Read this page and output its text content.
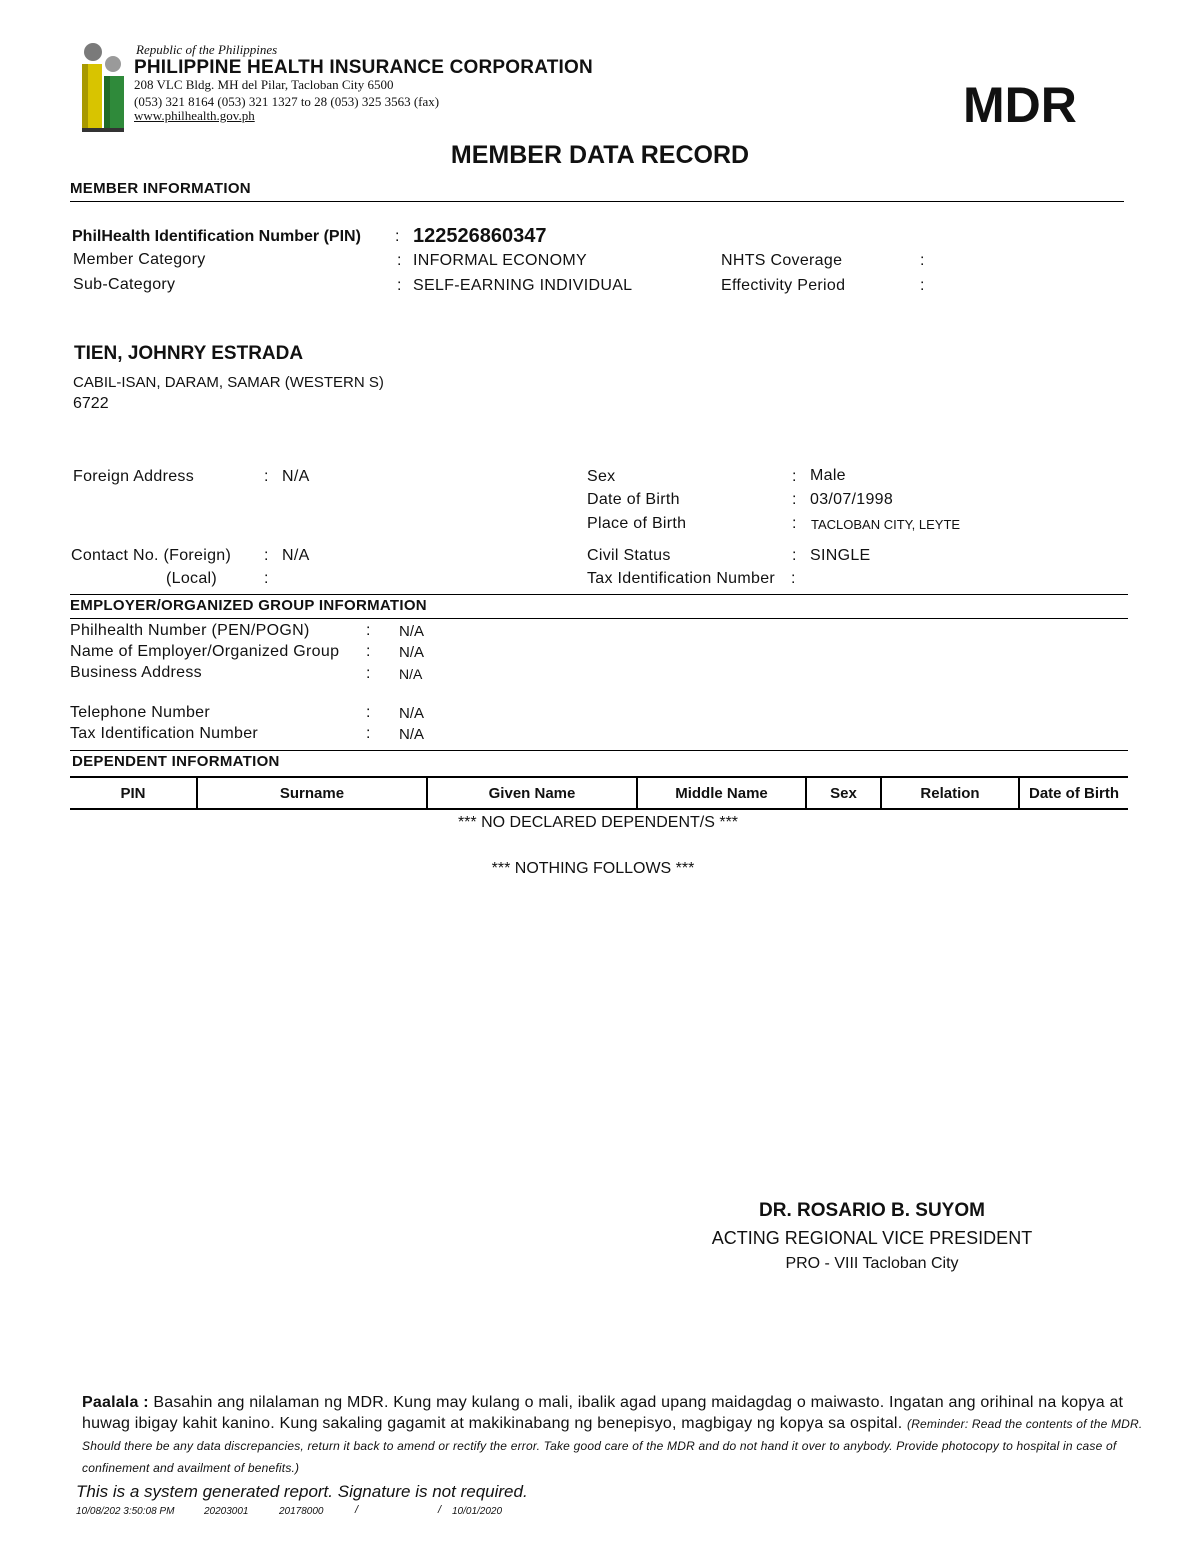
Republic of the Philippines
PHILIPPINE HEALTH INSURANCE CORPORATION
208 VLC Bldg. MH del Pilar, Tacloban City 6500
(053) 321 8164 (053) 321 1327 to 28 (053) 325 3563 (fax)
www.philhealth.gov.ph	MDR
MEMBER DATA RECORD
MEMBER INFORMATION
PhilHealth Identification Number (PIN) : 122526860347
Member Category	: INFORMAL ECONOMY
Sub-Category	: SELF-EARNING INDIVIDUAL
NHTS Coverage	:
Effectivity Period	:
TIEN, JOHNRY ESTRADA
CABIL-ISAN, DARAM, SAMAR (WESTERN S)
6722
Foreign Address	: N/A
Contact No. (Foreign) : N/A
(Local)	:
Sex	: Male
Date of Birth	: 03/07/1998
Place of Birth	: TACLOBAN CITY, LEYTE
Civil Status	: SINGLE
Tax Identification Number :
EMPLOYER/ORGANIZED GROUP INFORMATION
Philhealth Number (PEN/POGN)	: N/A
Name of Employer/Organized Group : N/A
Business Address	: N/A
Telephone Number	: N/A
Tax Identification Number	: N/A
DEPENDENT INFORMATION
PIN	Surname	Given Name	Middle Name	Sex	Relation	Date of Birth
*** NO DECLARED DEPENDENT/S ***
*** NOTHING FOLLOWS ***
DR. ROSARIO B. SUYOM
ACTING REGIONAL VICE PRESIDENT
PRO - VIII Tacloban City
Paalala : Basahin ang nilalaman ng MDR. Kung may kulang o mali, ibalik agad upang maidagdag o maiwasto. Ingatan ang orihinal na kopya at huwag ibigay kahit kanino. Kung sakaling gagamit at makikinabang ng benepisyo, magbigay ng kopya sa ospital. (Reminder: Read the contents of the MDR. Should there be any data discrepancies, return it back to amend or rectify the error. Take good care of the MDR and do not hand it over to anybody. Provide photocopy to hospital in case of confinement and availment of benefits.)
This is a system generated report. Signature is not required.
10/08/202 3:50:08 PM	20203001	20178000	/	/ 10/01/2020
